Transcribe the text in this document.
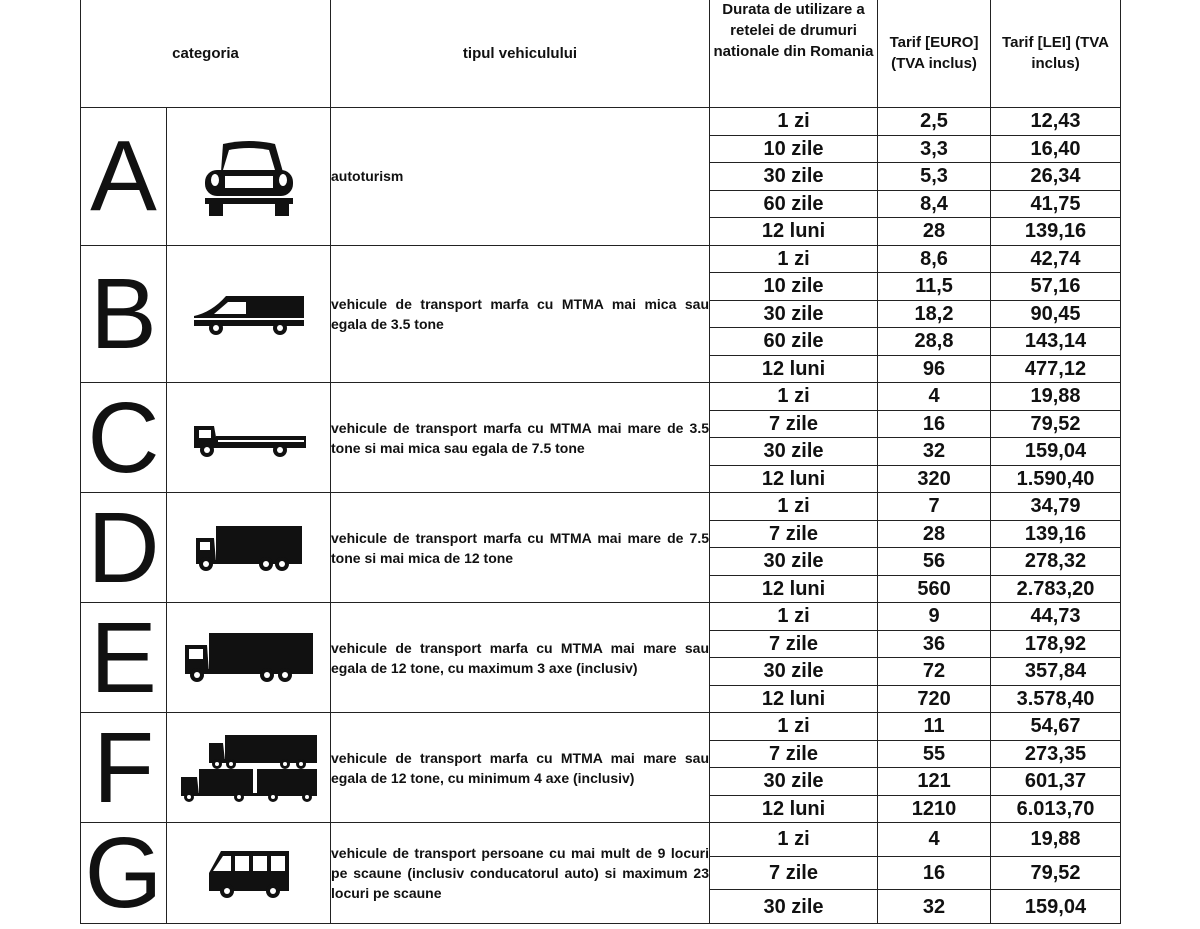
categoria		tipul vehiculului	Durata de utilizare a retelei de drumuri nationale din Romania	Tarif [EURO] (TVA inclus)	Tarif [LEI] (TVA inclus)
A		autoturism	1 zi	2,5	12,43
			10 zile	3,3	16,40
			30 zile	5,3	26,34
			60 zile	8,4	41,75
			12 luni	28	139,16
B		vehicule de transport marfa cu MTMA mai mica sau egala de 3.5 tone	1 zi	8,6	42,74
			10 zile	11,5	57,16
			30 zile	18,2	90,45
			60 zile	28,8	143,14
			12 luni	96	477,12
C		vehicule de transport marfa cu MTMA mai mare de 3.5 tone si mai mica sau egala de 7.5 tone	1 zi	4	19,88
			7 zile	16	79,52
			30 zile	32	159,04
			12 luni	320	1.590,40
D		vehicule de transport marfa cu MTMA mai mare de 7.5 tone si mai mica de 12 tone	1 zi	7	34,79
			7 zile	28	139,16
			30 zile	56	278,32
			12 luni	560	2.783,20
E		vehicule de transport marfa cu MTMA mai mare sau egala de 12 tone, cu maximum 3 axe (inclusiv)	1 zi	9	44,73
			7 zile	36	178,92
			30 zile	72	357,84
			12 luni	720	3.578,40
F		vehicule de transport marfa cu MTMA mai mare sau egala de 12 tone, cu minimum 4 axe (inclusiv)	1 zi	11	54,67
			7 zile	55	273,35
			30 zile	121	601,37
			12 luni	1210	6.013,70
G		vehicule de transport persoane cu mai mult de 9 locuri pe scaune (inclusiv conducatorul auto) si maximum 23 locuri pe scaune	1 zi	4	19,88
			7 zile	16	79,52
			30 zile	32	159,04
